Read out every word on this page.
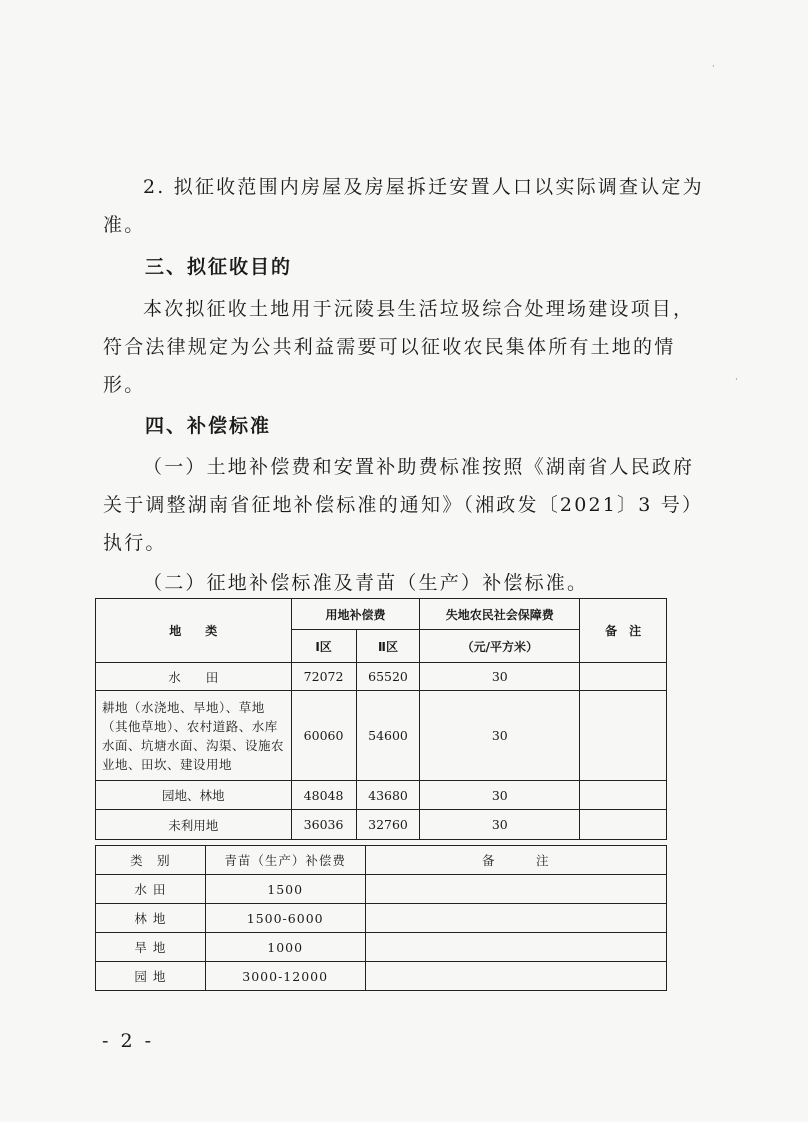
2. 拟征收范围内房屋及房屋拆迁安置人口以实际调查认定为准。

三、拟征收目的

本次拟征收土地用于沅陵县生活垃圾综合处理场建设项目，符合法律规定为公共利益需要可以征收农民集体所有土地的情形。

四、补偿标准

（一）土地补偿费和安置补助费标准按照《湖南省人民政府关于调整湖南省征地补偿标准的通知》（湘政发〔2021〕3 号）执行。

（二）征地补偿标准及青苗（生产）补偿标准。

地　　类	用地补偿费		失地农民社会保障费	备　注
	Ⅰ区	Ⅱ区	（元/平方米）	
水　　田	72072	65520	30	
耕地（水浇地、旱地）、草地（其他草地）、农村道路、水库水面、坑塘水面、沟渠、设施农业地、田坎、建设用地	60060	54600	30	
园地、林地	48048	43680	30	
未利用地	36036	32760	30	
类　别	青苗（生产）补偿费	备　　　注
水 田	1500	
林 地	1500-6000	
旱 地	1000	
园 地	3000-12000	
- 2 -
·
·
